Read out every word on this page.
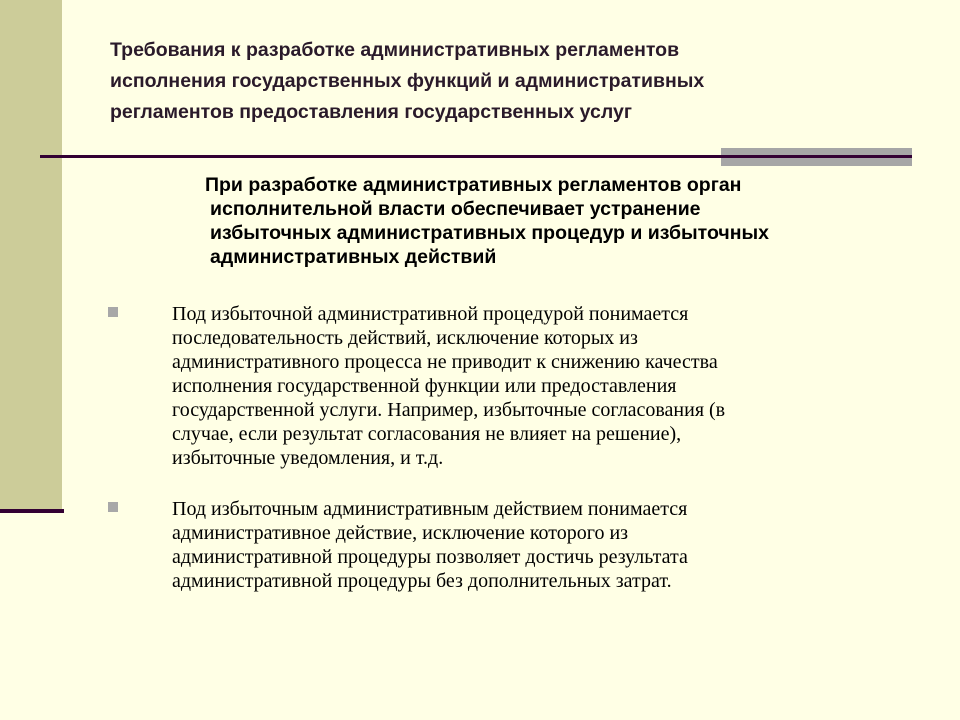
Требования к разработке административных регламентов
исполнения государственных функций и административных
регламентов предоставления государственных услуг
При разработке административных регламентов орган
исполнительной власти обеспечивает устранение
избыточных административных процедур и избыточных
административных действий
Под избыточной административной процедурой понимается
последовательность действий, исключение которых из
административного процесса не приводит к снижению качества
исполнения государственной функции или предоставления
государственной услуги. Например, избыточные согласования (в
случае, если результат согласования не влияет на решение),
избыточные уведомления, и т.д.
Под избыточным административным действием понимается
административное действие, исключение которого из
административной процедуры позволяет достичь результата
административной процедуры без дополнительных затрат.
